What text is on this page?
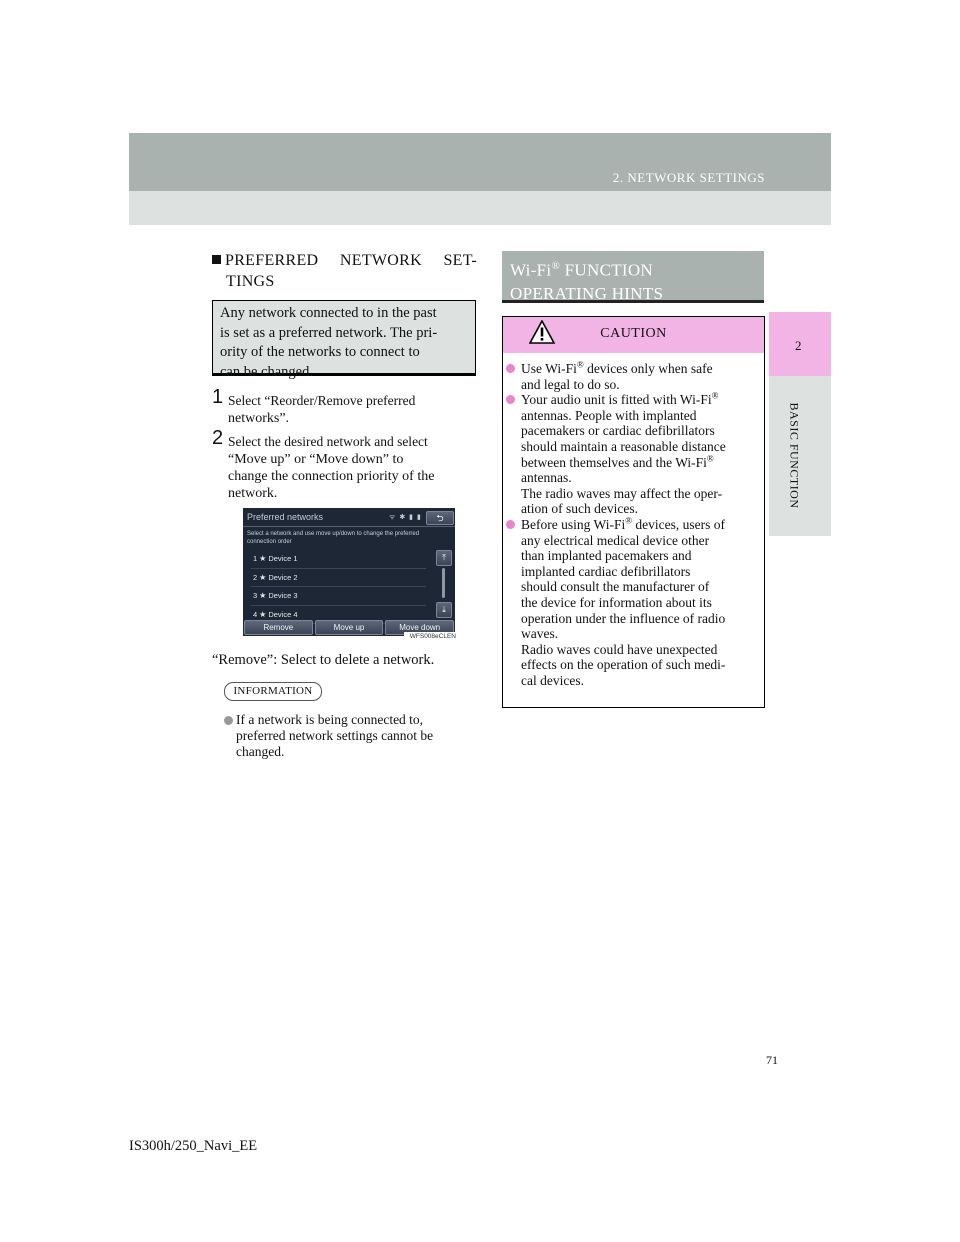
2. NETWORK SETTINGS
2
BASIC FUNCTION
PREFERRED NETWORK SET-
TINGS
Any network connected to in the past
is set as a preferred network. The pri-
ority of the networks to connect to
can be changed.
1 Select “Reorder/Remove preferred
networks”.
2 Select the desired network and select
“Move up” or “Move down” to
change the connection priority of the
network.
Preferred networks	ᯤ ✱ ▮ ▮	⮌
Select a network and use move up/down to change the preferred connection order
1 ★ Device 1
2 ★ Device 2
3 ★ Device 3
4 ★ Device 4
⤒
⤓
Remove	Move up	Move down
WFS008eCLEN
“Remove”: Select to delete a network.
INFORMATION
If a network is being connected to,
preferred network settings cannot be
changed.
Wi-Fi® FUNCTION
OPERATING HINTS
CAUTION
Use Wi-Fi® devices only when safe
and legal to do so.
Your audio unit is fitted with Wi-Fi®
antennas. People with implanted
pacemakers or cardiac defibrillators
should maintain a reasonable distance
between themselves and the Wi-Fi®
antennas.
The radio waves may affect the oper-
ation of such devices.
Before using Wi-Fi® devices, users of
any electrical medical device other
than implanted pacemakers and
implanted cardiac defibrillators
should consult the manufacturer of
the device for information about its
operation under the influence of radio
waves.
Radio waves could have unexpected
effects on the operation of such medi-
cal devices.
71
IS300h/250_Navi_EE
